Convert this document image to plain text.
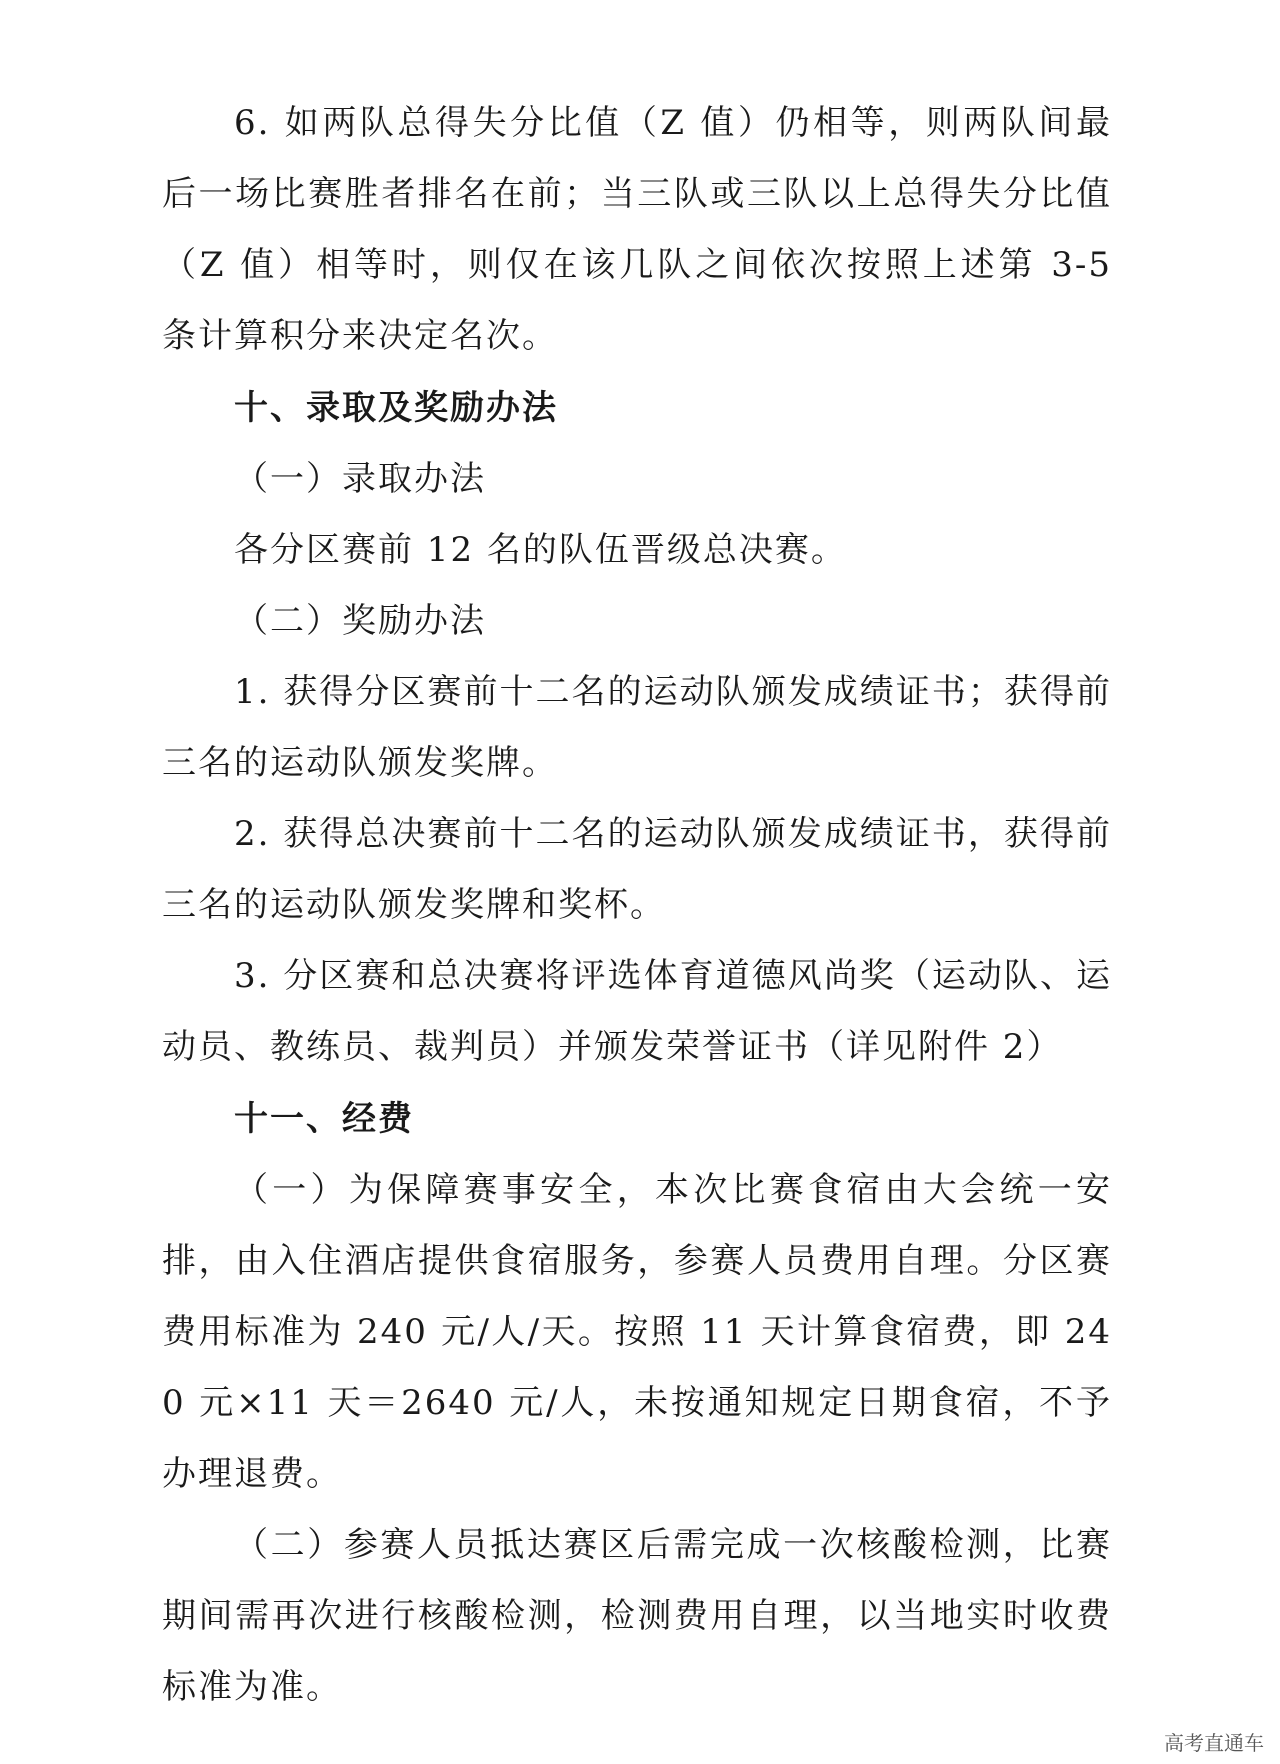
6. 如两队总得失分比值（Z 值）仍相等，则两队间最后一场比赛胜者排名在前；当三队或三队以上总得失分比值（Z 值）相等时，则仅在该几队之间依次按照上述第 3-5 条计算积分来决定名次。

十、录取及奖励办法

（一）录取办法

各分区赛前 12 名的队伍晋级总决赛。

（二）奖励办法

1. 获得分区赛前十二名的运动队颁发成绩证书；获得前三名的运动队颁发奖牌。

2. 获得总决赛前十二名的运动队颁发成绩证书，获得前三名的运动队颁发奖牌和奖杯。

3. 分区赛和总决赛将评选体育道德风尚奖（运动队、运动员、教练员、裁判员）并颁发荣誉证书（详见附件 2）

十一、经费

（一）为保障赛事安全，本次比赛食宿由大会统一安排，由入住酒店提供食宿服务，参赛人员费用自理。分区赛费用标准为 240 元/人/天。按照 11 天计算食宿费，即 240 元×11 天＝2640 元/人，未按通知规定日期食宿，不予办理退费。

（二）参赛人员抵达赛区后需完成一次核酸检测，比赛期间需再次进行核酸检测，检测费用自理，以当地实时收费标准为准。

高考直通车
